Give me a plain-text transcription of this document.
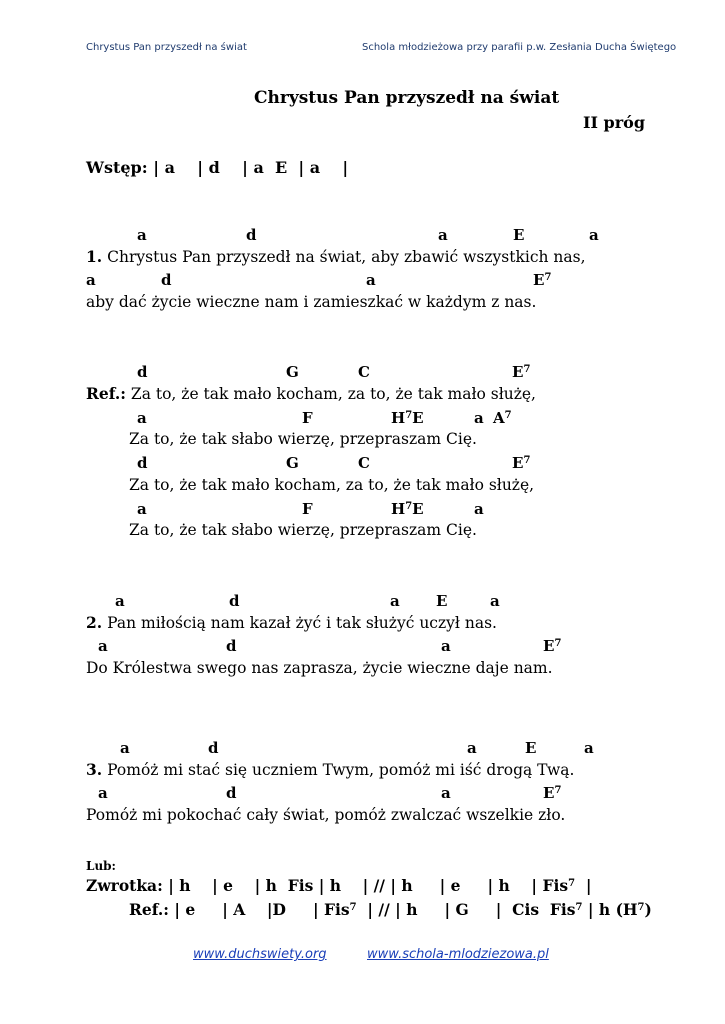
Chrystus Pan przyszedł na świat	Schola młodzieżowa przy parafii p.w. Zesłania Ducha Świętego
Chrystus Pan przyszedł na świat
II próg
Wstęp: | a    | d    | a  E  | a    |
a	d	a	E	a
1. Chrystus Pan przyszedł na świat, aby zbawić wszystkich nas,
a	d	a	$E^7$
aby dać życie wieczne nam i zamieszkać w każdym z nas.
d	G	C	$E^7$
Ref.: Za to, że tak mało kocham, za to, że tak mało służę,
a	F	$H^7E$	a $A^7$
Za to, że tak słabo wierzę, przepraszam Cię.
d	G	C	$E^7$
Za to, że tak mało kocham, za to, że tak mało służę,
a	F	$H^7E$	a
Za to, że tak słabo wierzę, przepraszam Cię.
a	d	a E	a
2. Pan miłością nam kazał żyć i tak służyć uczył nas.
a	d	a	$E^7$
Do Królestwa swego nas zaprasza, życie wieczne daje nam.
a	d	a	E	a
3. Pomóż mi stać się uczniem Twym, pomóż mi iść drogą Twą.
a	d	a	$E^7$
Pomóż mi pokochać cały świat, pomóż zwalczać wszelkie zło.
Lub:
Zwrotka: | h    | e    | h  Fis | h    | // | h     | e     | h    | Fis$^7$  |
Ref.: | e     | A    |D     | Fis$^7$  | // | h     | G     |  Cis  Fis$^7$ | h $(H^7)$
www.duchswiety.org	www.schola-mlodziezowa.pl
